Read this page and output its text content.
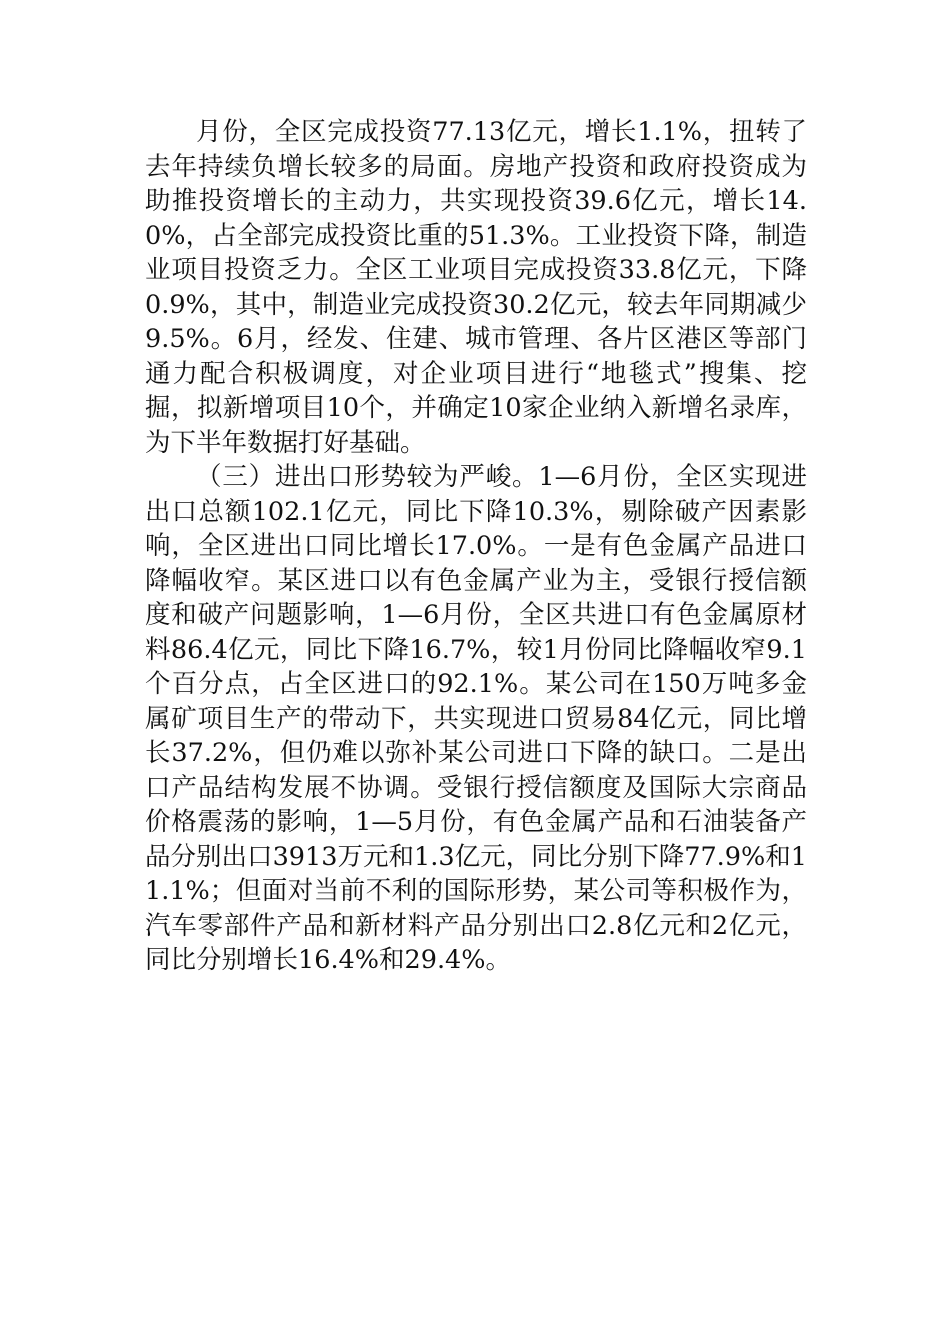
月份，全区完成投资77.13亿元，增长1.1%，扭转了去年持续负增长较多的局面。房地产投资和政府投资成为助推投资增长的主动力，共实现投资39.6亿元，增长14.0%，占全部完成投资比重的51.3%。工业投资下降，制造业项目投资乏力。全区工业项目完成投资33.8亿元，下降0.9%，其中，制造业完成投资30.2亿元，较去年同期减少9.5%。6月，经发、住建、城市管理、各片区港区等部门通力配合积极调度，对企业项目进行“地毯式”搜集、挖掘，拟新增项目10个，并确定10家企业纳入新增名录库，为下半年数据打好基础。

（三）进出口形势较为严峻。1—6月份，全区实现进出口总额102.1亿元，同比下降10.3%，剔除破产因素影响，全区进出口同比增长17.0%。一是有色金属产品进口降幅收窄。某区进口以有色金属产业为主，受银行授信额度和破产问题影响，1—6月份，全区共进口有色金属原材料86.4亿元，同比下降16.7%，较1月份同比降幅收窄9.1个百分点，占全区进口的92.1%。某公司在150万吨多金属矿项目生产的带动下，共实现进口贸易84亿元，同比增长37.2%，但仍难以弥补某公司进口下降的缺口。二是出口产品结构发展不协调。受银行授信额度及国际大宗商品价格震荡的影响，1—5月份，有色金属产品和石油装备产品分别出口3913万元和1.3亿元，同比分别下降77.9%和11.1%；但面对当前不利的国际形势，某公司等积极作为，汽车零部件产品和新材料产品分别出口2.8亿元和2亿元，同比分别增长16.4%和29.4%。
